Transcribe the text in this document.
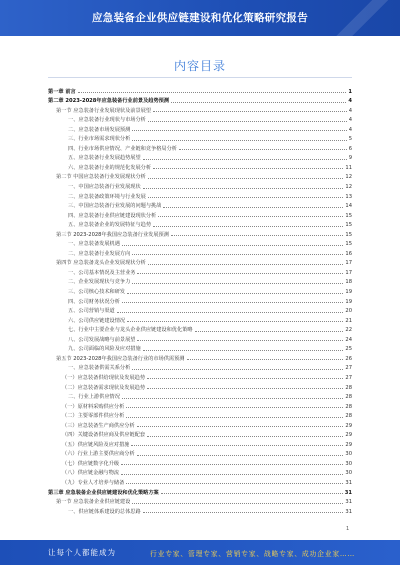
应急装备企业供应链建设和优化策略研究报告
内容目录
第一章 前言	1
第二章 2023-2028年应急装备行业前景及趋势预测	4
第一节 应急装备行业发展现状及前景展望	4
一、应急装备行业现状与市场分析	4
二、应急装备市场发展预测	4
三、行业市场需求现状分析	5
四、行业市场供应情况、产业链和竞争格局分析	6
五、应急装备行业发展趋势展望	9
六、应急装备行业的规范化发展分析	11
第二节 中国应急装备行业发展现状分析	12
一、中国应急装备行业发展现状	12
二、应急装备政策环境与行业发展	13
三、中国应急装备行业发展的问题与挑战	14
四、应急装备行业供应链建设现状分析	15
五、应急装备企业的发展特征与趋势	15
第三节 2023-2028年我国应急装备行业发展预测	15
一、应急装备发展机遇	15
二、应急装备行业发展方向	16
第四节 应急装备龙头企业发展现状分析	17
一、公司基本情况及主营业务	17
二、企业发展现状与竞争力	18
三、公司核心技术和研发	19
四、公司财务状况分析	19
五、公司营销与渠道	20
六、公司供应链建设情况	21
七、行业中主要企业与龙头企业供应链建设和优化策略	22
八、公司发展战略与前景展望	24
九、公司面临的风险及应对措施	25
第五节 2023-2028年我国应急装备行业的市场供需预测	26
一、应急装备供需关系分析	27
（一）应急装备供给现状及发展趋势	27
（二）应急装备需求现状及发展趋势	28
二、行业上游供应情况	28
（一）原材料采购供应分析	28
（二）主要零部件供应分析	28
（三）应急装备生产商供应分析	29
（四）关键设备供应商及供应链配套	29
（五）供应链风险及应对措施	29
（六）行业上游主要供应商分析	30
（七）供应链数字化升级	30
（八）供应链金融与物流	30
（九）专业人才培养与储备	31
第三章 应急装备企业供应链建设和优化策略方案	31
第一节 应急装备企业供应链建设	31
一、供应链体系建设的总体思路	31
1
让每个人都能成为	行业专家、管理专家、营销专家、战略专家、成功企业家……
